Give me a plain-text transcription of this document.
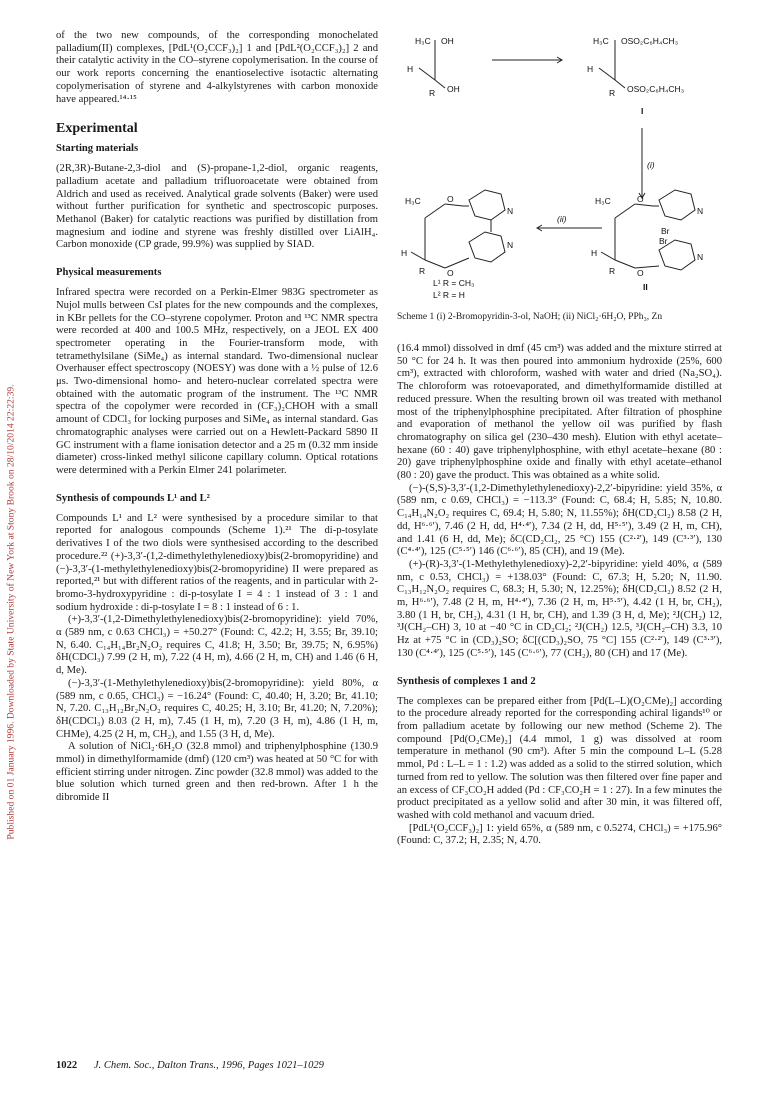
Published on 01 January 1996. Downloaded by State University of New York at Stony Brook on 28/10/2014 22:22:39.

of the two new compounds, of the corresponding monochelated palladium(II) complexes, [PdL¹(O₂CCF₃)₂] 1 and [PdL²(O₂CCF₃)₂] 2 and their catalytic activity in the CO–styrene copolymerisation. In the course of our work reports concerning the enantioselective isotactic alternating copolymerisation of styrene and 4-alkylstyrenes with carbon monoxide have appeared.¹⁴·¹⁵

Experimental
Starting materials

(2R,3R)-Butane-2,3-diol and (S)-propane-1,2-diol, organic reagents, palladium acetate and palladium trifluoroacetate were obtained from Aldrich and used as received. Analytical grade solvents (Baker) were used without further purification for synthetic and spectroscopic purposes. Methanol (Baker) for catalytic reactions was purified by distillation from magnesium and iodine and styrene was freshly distilled over LiAlH₄. Carbon monoxide (CP grade, 99.9%) was supplied by SIAD.

Physical measurements

Infrared spectra were recorded on a Perkin-Elmer 983G spectrometer as Nujol mulls between CsI plates for the new compounds and the complexes, in KBr pellets for the CO–styrene copolymer. Proton and ¹³C NMR spectra were recorded at 400 and 100.5 MHz, respectively, on a JEOL EX 400 spectrometer operating in the Fourier-transform mode, with tetramethylsilane (SiMe₄) as internal standard. Two-dimensional nuclear Overhauser effect spectroscopy (NOESY) was done with a ½ pulse of 12.6 μs. Two-dimensional homo- and hetero-nuclear correlated spectra were obtained with the automatic program of the instrument. The ¹³C NMR spectra of the copolymer were recorded in (CF₃)₂CHOH with a small amount of CDCl₃ for locking purposes and SiMe₄ as internal standard. Gas chromatographic analyses were carried out on a Hewlett-Packard 5890 II GC instrument with a flame ionisation detector and a 25 m (0.32 mm inside diameter) cross-linked methyl silicone capillary column. Optical rotations were determined with a Perkin Elmer 241 polarimeter.

Synthesis of compounds L¹ and L²

Compounds L¹ and L² were synthesised by a procedure similar to that reported for analogous compounds (Scheme 1).²¹ The di-p-tosylate derivatives I of the two diols were synthesised according to the described procedure.²² (+)-3,3′-(1,2-dimethylethylenedioxy)bis(2-bromopyridine) and (−)-3,3′-(1-methylethylenedioxy)bis(2-bromopyridine) II were prepared as reported,²¹ but with different ratios of the reagents, and in particular with 2-bromo-3-hydroxypyridine : di-p-tosylate I = 4 : 1 instead of 3 : 1 and sodium hydroxide : di-p-tosylate I = 8 : 1 instead of 6 : 1.

(+)-3,3′-(1,2-Dimethylethylenedioxy)bis(2-bromopyridine): yield 70%, α (589 nm, c 0.63 CHCl₃) = +50.27° (Found: C, 42.2; H, 3.55; Br, 39.10; N, 6.40. C₁₄H₁₄Br₂N₂O₂ requires C, 41.8; H, 3.50; Br, 39.75; N, 6.95%) δH(CDCl₃) 7.99 (2 H, m), 7.22 (4 H, m), 4.66 (2 H, m, CH) and 1.46 (6 H, d, Me).

(−)-3,3′-(1-Methylethylenedioxy)bis(2-bromopyridine): yield 80%, α (589 nm, c 0.65, CHCl₃) = −16.24° (Found: C, 40.40; H, 3.20; Br, 41.10; N, 7.20. C₁₃H₁₂Br₂N₂O₂ requires C, 40.25; H, 3.10; Br, 41.20; N, 7.20%); δH(CDCl₃) 8.03 (2 H, m), 7.45 (1 H, m), 7.20 (3 H, m), 4.86 (1 H, m, CHMe), 4.25 (2 H, m, CH₂), and 1.55 (3 H, d, Me).

A solution of NiCl₂·6H₂O (32.8 mmol) and triphenylphosphine (130.9 mmol) in dimethylformamide (dmf) (120 cm³) was heated at 50 °C for with efficient stirring under nitrogen. Zinc powder (32.8 mmol) was added to the blue solution which turned green and then red-brown. After 1 h the dibromide II

H₃C OH
H
OH
R
H₃C OSO₂C₆H₄CH₃
H
OSO₂C₆H₄CH₃
R
I
(i)
H₃C	O
N
N
O
H
R
(ii)
H₃C	O
N
Br
Br
N
O
H
R
L¹ R = CH₃
L² R = H
II
Scheme 1 (i) 2-Bromopyridin-3-ol, NaOH; (ii) NiCl₂·6H₂O, PPh₃, Zn

(16.4 mmol) dissolved in dmf (45 cm³) was added and the mixture stirred at 50 °C for 24 h. It was then poured into ammonium hydroxide (25%, 600 cm³), extracted with chloroform, washed with water and dried (Na₂SO₄). The chloroform was rotoevaporated, and dimethylformamide distilled at reduced pressure. When the resulting brown oil was treated with methanol most of the triphenylphosphine precipitated. After filtration of phosphine and evaporation of methanol the yellow oil was purified by flash chromatography on silica gel (230–430 mesh). Elution with ethyl acetate–hexane (60 : 40) gave triphenylphosphine, with ethyl acetate–hexane (80 : 20) gave triphenylphosphine oxide and finally with ethyl acetate–ethanol (80 : 20) gave the product. This was obtained as a white solid.

(−)-(S,S)-3,3′-(1,2-Dimethylethylenedioxy)-2,2′-bipyridine: yield 35%, α (589 nm, c 0.69, CHCl₃) = −113.3° (Found: C, 68.4; H, 5.85; N, 10.80. C₁₄H₁₄N₂O₂ requires C, 69.4; H, 5.80; N, 11.55%); δH(CD₂Cl₂) 8.58 (2 H, dd, H⁶·⁶′), 7.46 (2 H, dd, H⁴·⁴′), 7.34 (2 H, dd, H⁵·⁵′), 3.49 (2 H, m, CH), and 1.41 (6 H, dd, Me); δC(CD₂Cl₂, 25 °C) 155 (C²·²′), 149 (C³·³′), 130 (C⁴·⁴′), 125 (C⁵·⁵′) 146 (C⁶·⁶′), 85 (CH), and 19 (Me).

(+)-(R)-3,3′-(1-Methylethylenedioxy)-2,2′-bipyridine: yield 40%, α (589 nm, c 0.53, CHCl₃) = +138.03° (Found: C, 67.3; H, 5.20; N, 11.90. C₁₃H₁₂N₂O₂ requires C, 68.3; H, 5.30; N, 12.25%); δH(CD₂Cl₂) 8.52 (2 H, m, H⁶·⁶′), 7.48 (2 H, m, H⁴·⁴′), 7.36 (2 H, m, H⁵·⁵′), 4.42 (1 H, br, CH₂), 3.80 (1 H, br, CH₂), 4.31 (1 H, br, CH), and 1.39 (3 H, d, Me); ²J(CH₂) 12, ³J(CH₂–CH) 3, 10 at −40 °C in CD₂Cl₂; ²J(CH₂) 12.5, ³J(CH₂–CH) 3.3, 10 Hz at +75 °C in (CD₃)₂SO; δC[(CD₃)₂SO, 75 °C] 155 (C²·²′), 149 (C³·³′), 130 (C⁴·⁴′), 125 (C⁵·⁵′), 145 (C⁶·⁶′), 77 (CH₂), 80 (CH) and 17 (Me).

Synthesis of complexes 1 and 2

The complexes can be prepared either from [Pd(L–L)(O₂CMe)₂] according to the procedure already reported for the corresponding achiral ligands¹⁰ or from palladium acetate by following our new method (Scheme 2). The compound [Pd(O₂CMe)₂] (4.4 mmol, 1 g) was dissolved at room temperature in methanol (90 cm³). After 5 min the compound L–L (5.28 mmol, Pd : L–L = 1 : 1.2) was added as a solid to the stirred solution, which turned from red to yellow. The solution was then filtered over fine paper and an excess of CF₃CO₂H added (Pd : CF₃CO₂H = 1 : 27). In a few minutes the product precipitated as a yellow solid and after 30 min, it was filtered off, washed with cold methanol and vacuum dried.

[PdL¹(O₂CCF₃)₂] 1: yield 65%, α (589 nm, c 0.5274, CHCl₃) = +175.96° (Found: C, 37.2; H, 2.35; N, 4.70.

1022 J. Chem. Soc., Dalton Trans., 1996, Pages 1021–1029
